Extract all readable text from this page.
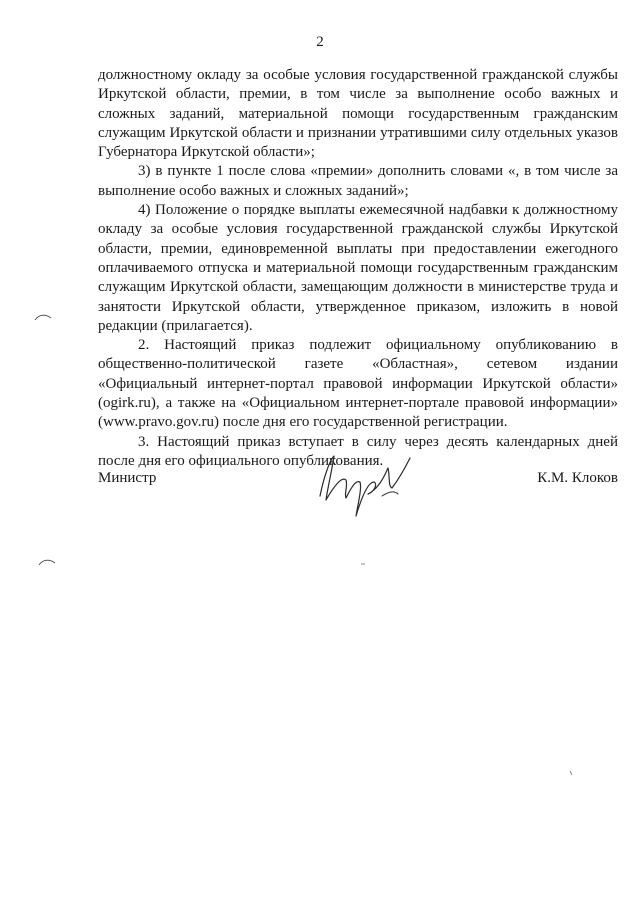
2

должностному окладу за особые условия государственной гражданской службы Иркутской области, премии, в том числе за выполнение особо важных и сложных заданий, материальной помощи государственным гражданским служащим Иркутской области и признании утратившими силу отдельных указов Губернатора Иркутской области»;

3) в пункте 1 после слова «премии» дополнить словами «, в том числе за выполнение особо важных и сложных заданий»;

4) Положение о порядке выплаты ежемесячной надбавки к должностному окладу за особые условия государственной гражданской службы Иркутской области, премии, единовременной выплаты при предоставлении ежегодного оплачиваемого отпуска и материальной помощи государственным гражданским служащим Иркутской области, замещающим должности в министерстве труда и занятости Иркутской области, утвержденное приказом, изложить в новой редакции (прилагается).

2. Настоящий приказ подлежит официальному опубликованию в общественно-политической газете «Областная», сетевом издании «Официальный интернет-портал правовой информации Иркутской области» (ogirk.ru), а также на «Официальном интернет-портале правовой информации» (www.pravo.gov.ru) после дня его государственной регистрации.

3. Настоящий приказ вступает в силу через десять календарных дней после дня его официального опубликования.

Министр	К.М. Клоков
